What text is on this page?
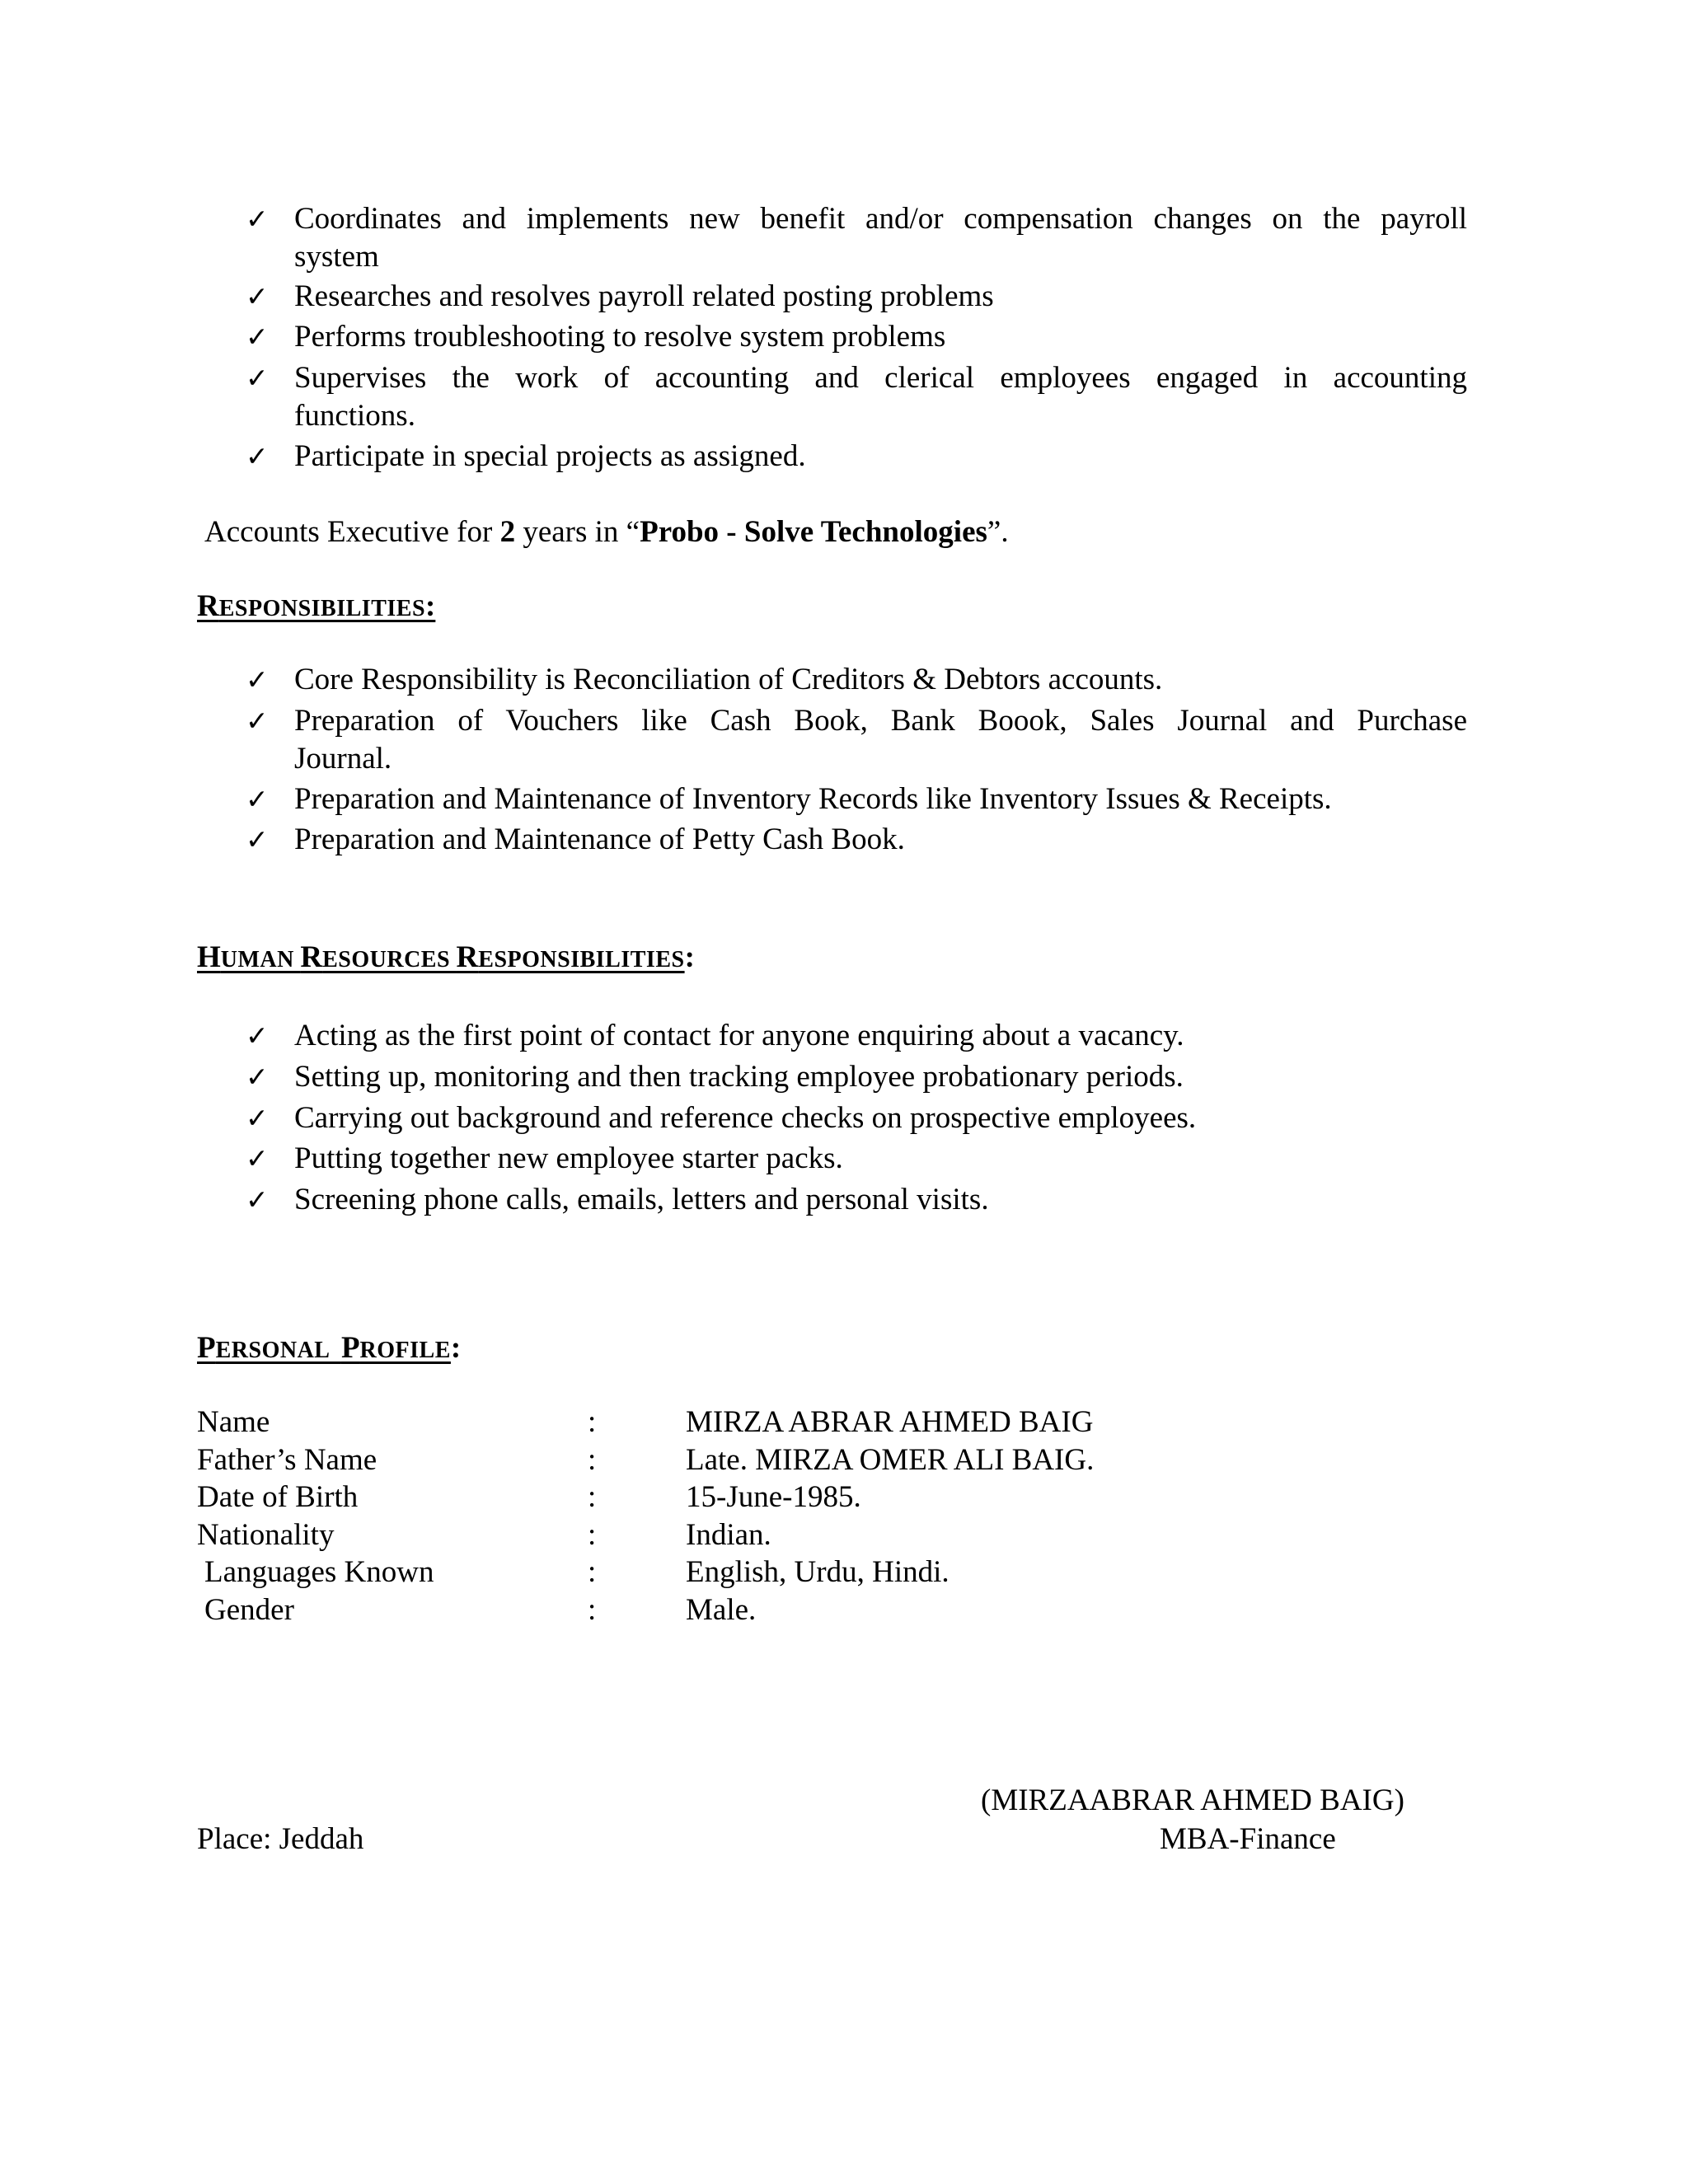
✓ Coordinates and implements new benefit and/or compensation changes on the payroll
system
✓ Researches and resolves payroll related posting problems
✓ Performs troubleshooting to resolve system problems
✓ Supervises the work of accounting and clerical employees engaged in accounting
functions.
✓ Participate in special projects as assigned.
Accounts Executive for 2 years in “Probo - Solve Technologies”.
RESPONSIBILITIES:
✓ Core Responsibility is Reconciliation of Creditors & Debtors accounts.
✓ Preparation of Vouchers like Cash Book, Bank Boook, Sales Journal and Purchase
Journal.
✓ Preparation and Maintenance of Inventory Records like Inventory Issues & Receipts.
✓ Preparation and Maintenance of Petty Cash Book.
HUMAN RESOURCES RESPONSIBILITIES:
✓ Acting as the first point of contact for anyone enquiring about a vacancy.
✓ Setting up, monitoring and then tracking employee probationary periods.
✓ Carrying out background and reference checks on prospective employees.
✓ Putting together new employee starter packs.
✓ Screening phone calls, emails, letters and personal visits.
PERSONAL  PROFILE:
Name	:	MIRZA ABRAR AHMED BAIG
Father’s Name	:	Late. MIRZA OMER ALI BAIG.
Date of Birth	:	15-June-1985.
Nationality	:	Indian.
Languages Known	:	English, Urdu, Hindi.
Gender	:	Male.
(MIRZAABRAR AHMED BAIG)
Place: Jeddah	MBA-Finance
